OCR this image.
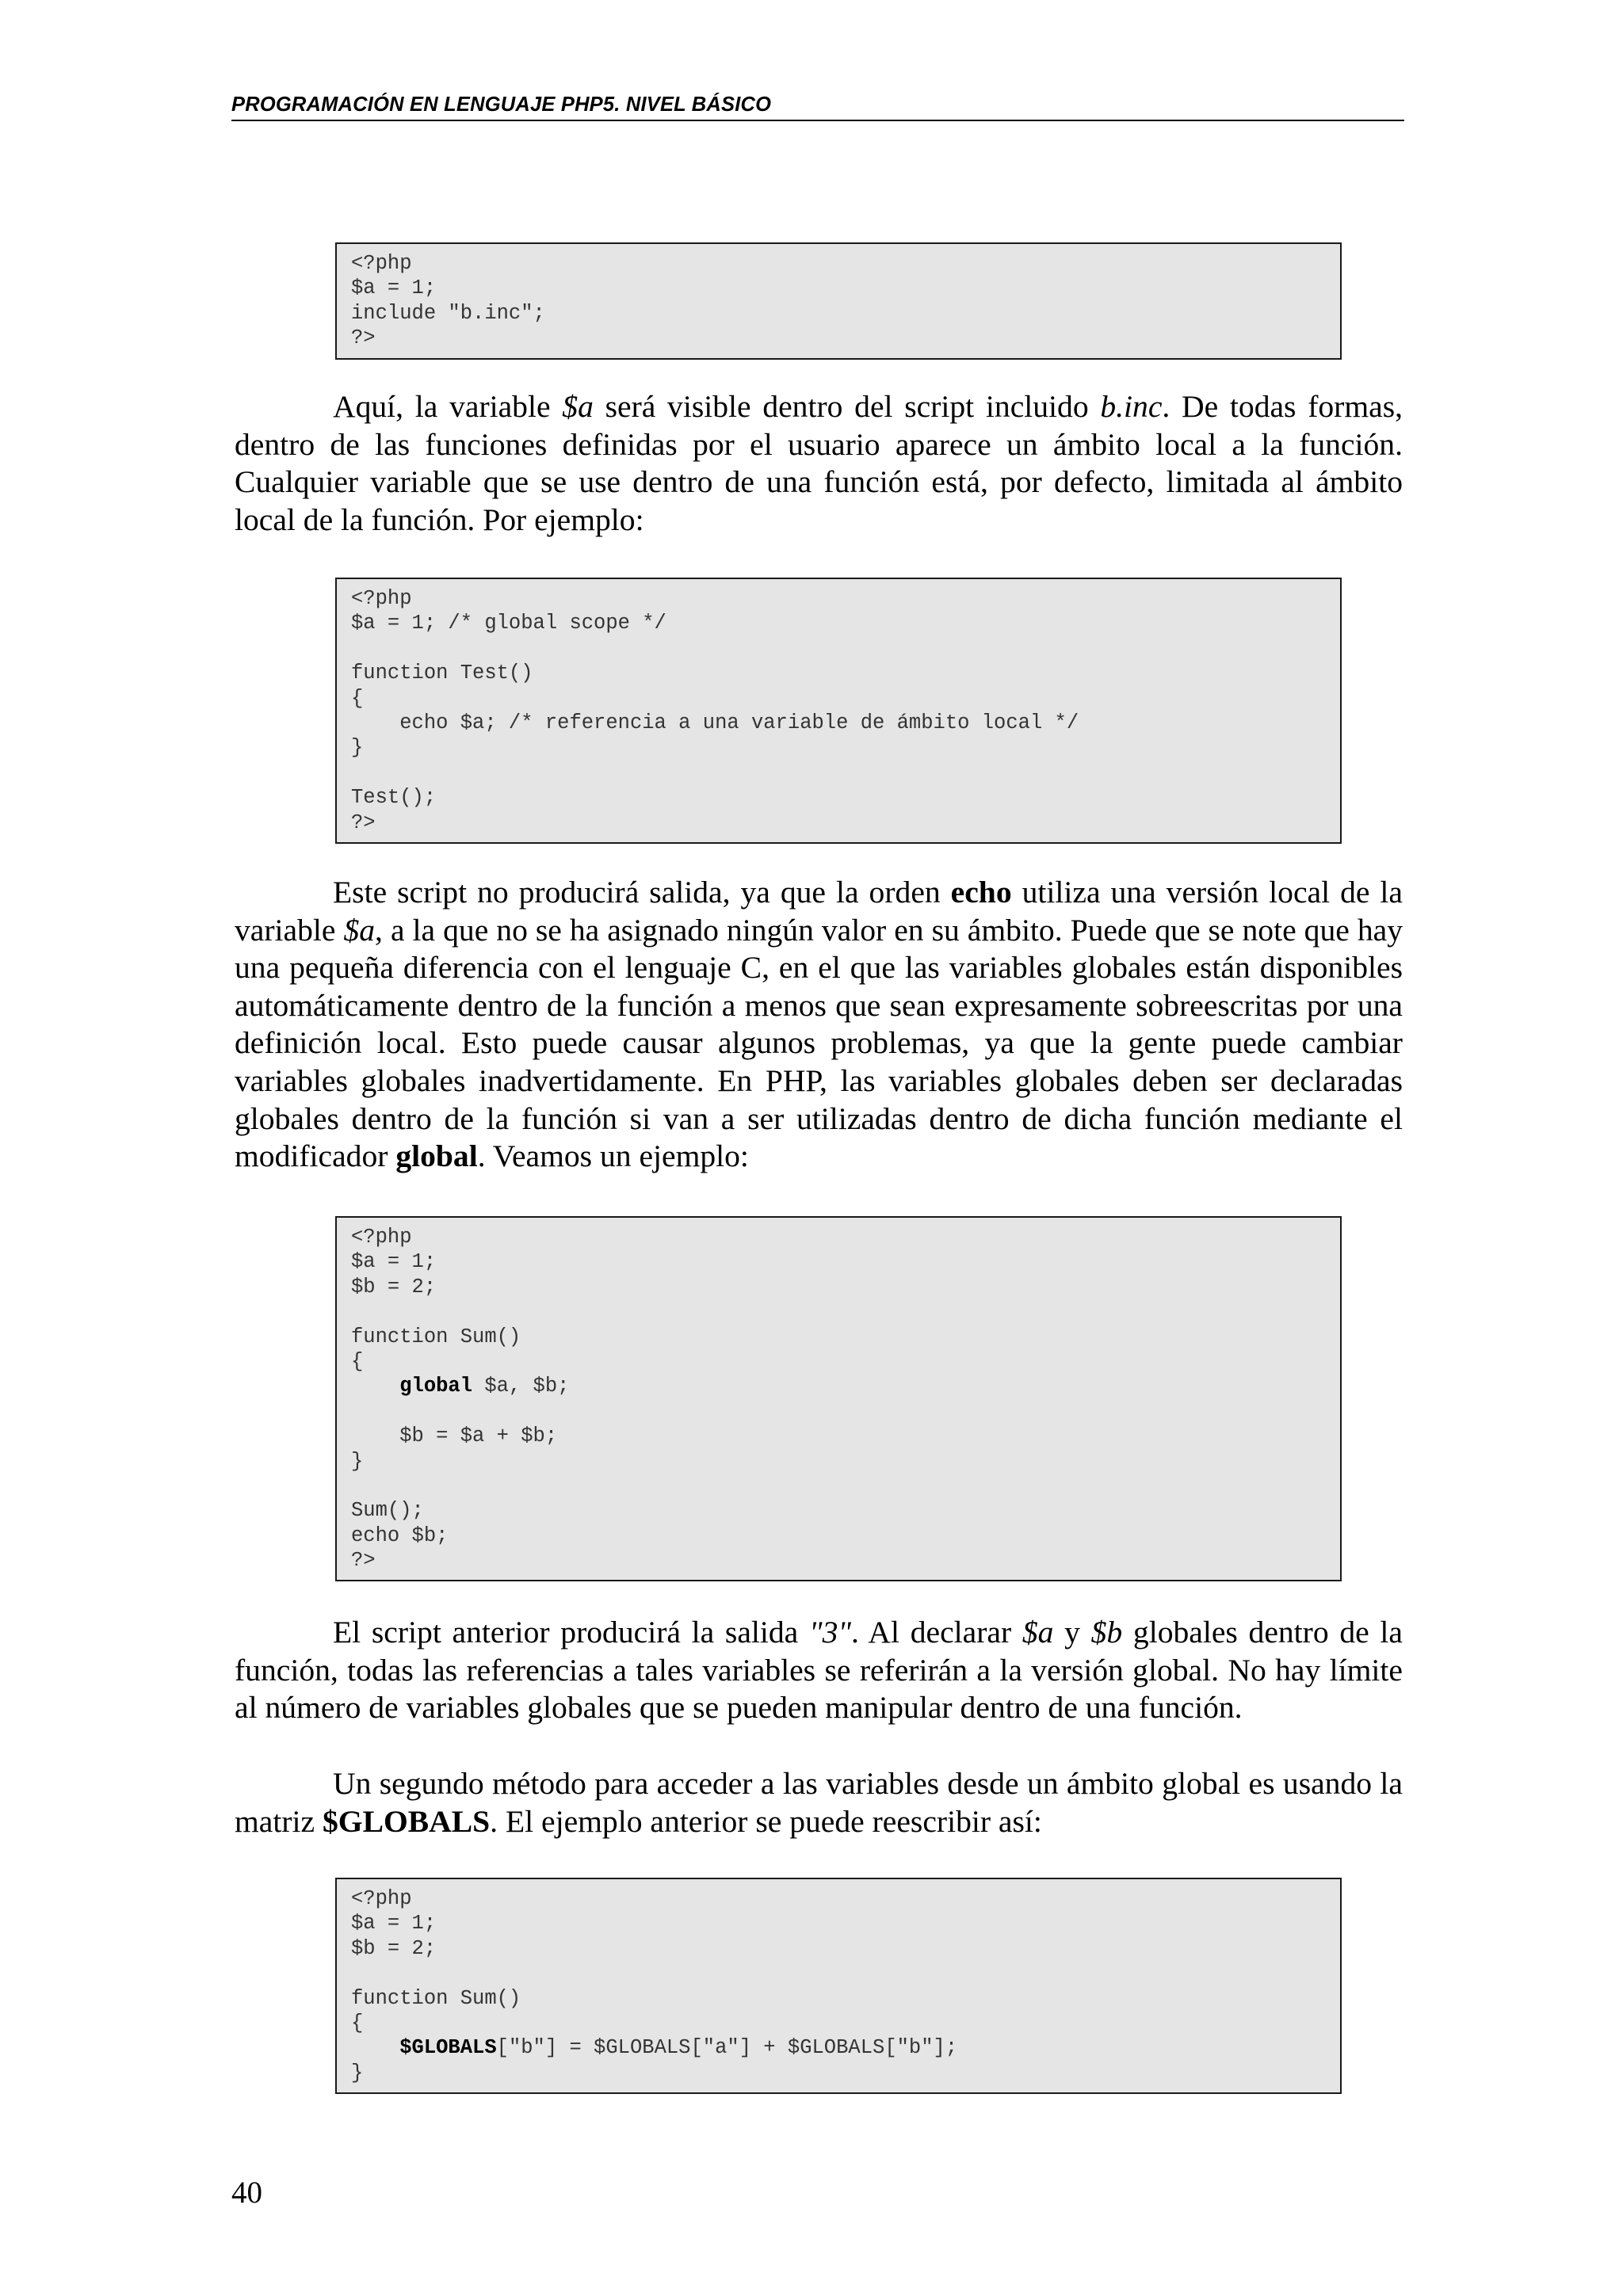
PROGRAMACIÓN EN LENGUAJE PHP5. NIVEL BÁSICO
<?php
$a = 1;
include "b.inc";
?>

Aquí, la variable $a será visible dentro del script incluido b.inc. De todas formas, dentro de las funciones definidas por el usuario aparece un ámbito local a la función. Cualquier variable que se use dentro de una función está, por defecto, limitada al ámbito local de la función. Por ejemplo:

<?php
$a = 1; /* global scope */
function Test()
{
echo $a; /* referencia a una variable de ámbito local */
}
Test();
?>

Este script no producirá salida, ya que la orden echo utiliza una versión local de la variable $a, a la que no se ha asignado ningún valor en su ámbito. Puede que se note que hay una pequeña diferencia con el lenguaje C, en el que las variables globales están disponibles automáticamente dentro de la función a menos que sean expresamente sobreescritas por una definición local. Esto puede causar algunos problemas, ya que la gente puede cambiar variables globales inadvertidamente. En PHP, las variables globales deben ser declaradas globales dentro de la función si van a ser utilizadas dentro de dicha función mediante el modificador global. Veamos un ejemplo:

<?php
$a = 1;
$b = 2;
function Sum()
{
global $a, $b;
$b = $a + $b;
}
Sum();
echo $b;
?>

El script anterior producirá la salida "3". Al declarar $a y $b globales dentro de la función, todas las referencias a tales variables se referirán a la versión global. No hay límite al número de variables globales que se pueden manipular dentro de una función.

Un segundo método para acceder a las variables desde un ámbito global es usando la matriz $GLOBALS. El ejemplo anterior se puede reescribir así:

<?php
$a = 1;
$b = 2;
function Sum()
{
$GLOBALS["b"] = $GLOBALS["a"] + $GLOBALS["b"];
}
40
